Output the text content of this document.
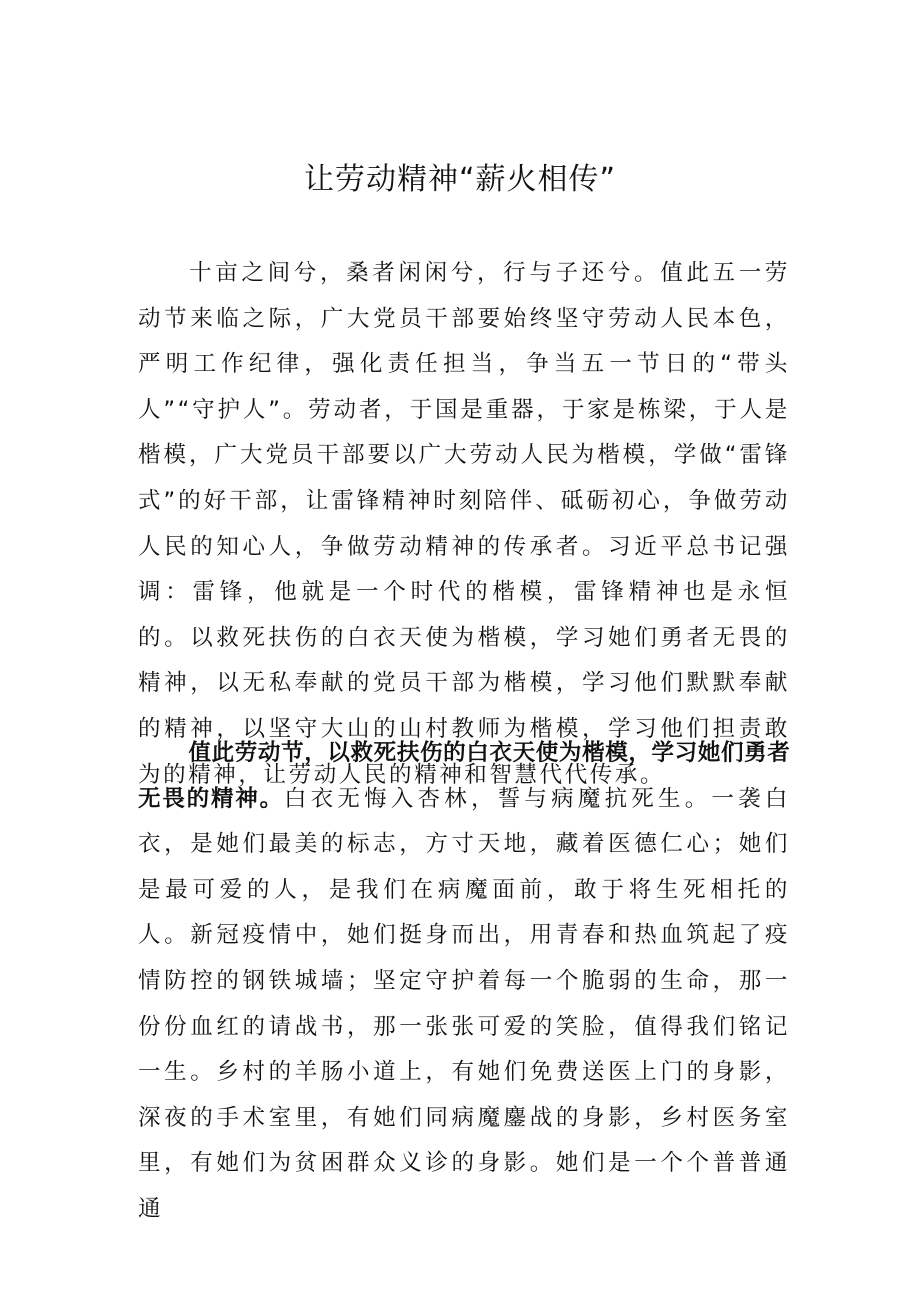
让劳动精神“薪火相传”

十亩之间兮，桑者闲闲兮，行与子还兮。值此五一劳动节来临之际，广大党员干部要始终坚守劳动人民本色，严明工作纪律，强化责任担当，争当五一节日的“带头人”“守护人”。劳动者，于国是重器，于家是栋梁，于人是楷模，广大党员干部要以广大劳动人民为楷模，学做“雷锋式”的好干部，让雷锋精神时刻陪伴、砥砺初心，争做劳动人民的知心人，争做劳动精神的传承者。习近平总书记强调：雷锋，他就是一个时代的楷模，雷锋精神也是永恒的。以救死扶伤的白衣天使为楷模，学习她们勇者无畏的精神，以无私奉献的党员干部为楷模，学习他们默默奉献的精神，以坚守大山的山村教师为楷模，学习他们担责敢为的精神，让劳动人民的精神和智慧代代传承。

值此劳动节，以救死扶伤的白衣天使为楷模，学习她们勇者无畏的精神。白衣无悔入杏林，誓与病魔抗死生。一袭白衣，是她们最美的标志，方寸天地，藏着医德仁心；她们是最可爱的人，是我们在病魔面前，敢于将生死相托的人。新冠疫情中，她们挺身而出，用青春和热血筑起了疫情防控的钢铁城墙；坚定守护着每一个脆弱的生命，那一份份血红的请战书，那一张张可爱的笑脸，值得我们铭记一生。乡村的羊肠小道上，有她们免费送医上门的身影，深夜的手术室里，有她们同病魔鏖战的身影，乡村医务室里，有她们为贫困群众义诊的身影。她们是一个个普普通通
